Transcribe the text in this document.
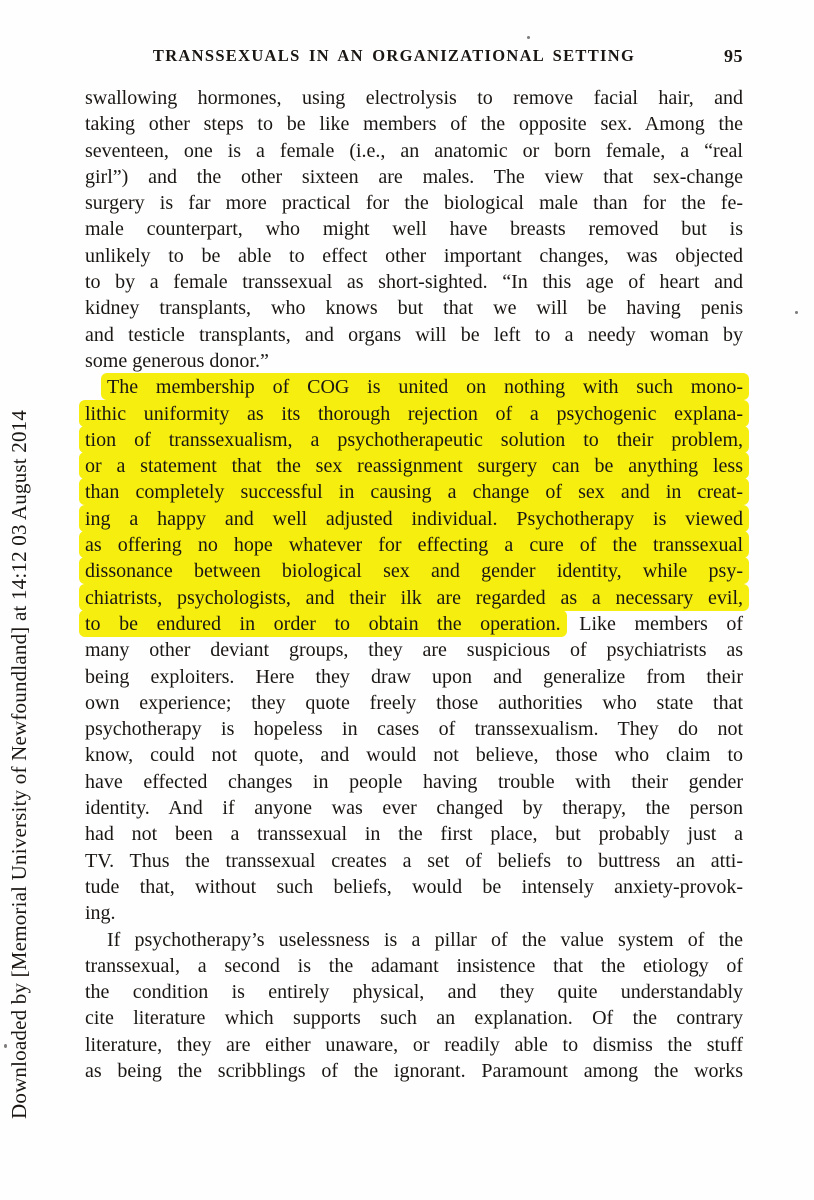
TRANSSEXUALS IN AN ORGANIZATIONAL SETTING	95
swallowing hormones, using electrolysis to remove facial hair, and
taking other steps to be like members of the opposite sex. Among the
seventeen, one is a female (i.e., an anatomic or born female, a “real
girl”) and the other sixteen are males. The view that sex-change
surgery is far more practical for the biological male than for the fe-
male counterpart, who might well have breasts removed but is
unlikely to be able to effect other important changes, was objected
to by a female transsexual as short-sighted. “In this age of heart and
kidney transplants, who knows but that we will be having penis
and testicle transplants, and organs will be left to a needy woman by
some generous donor.”
The membership of COG is united on nothing with such mono-
lithic uniformity as its thorough rejection of a psychogenic explana-
tion of transsexualism, a psychotherapeutic solution to their problem,
or a statement that the sex reassignment surgery can be anything less
than completely successful in causing a change of sex and in creat-
ing a happy and well adjusted individual. Psychotherapy is viewed
as offering no hope whatever for effecting a cure of the transsexual
dissonance between biological sex and gender identity, while psy-
chiatrists, psychologists, and their ilk are regarded as a necessary evil,
to be endured in order to obtain the operation. Like members of
many other deviant groups, they are suspicious of psychiatrists as
being exploiters. Here they draw upon and generalize from their
own experience; they quote freely those authorities who state that
psychotherapy is hopeless in cases of transsexualism. They do not
know, could not quote, and would not believe, those who claim to
have effected changes in people having trouble with their gender
identity. And if anyone was ever changed by therapy, the person
had not been a transsexual in the first place, but probably just a
TV. Thus the transsexual creates a set of beliefs to buttress an atti-
tude that, without such beliefs, would be intensely anxiety-provok-
ing.
If psychotherapy’s uselessness is a pillar of the value system of the
transsexual, a second is the adamant insistence that the etiology of
the condition is entirely physical, and they quite understandably
cite literature which supports such an explanation. Of the contrary
literature, they are either unaware, or readily able to dismiss the stuff
as being the scribblings of the ignorant. Paramount among the works
Downloaded by [Memorial University of Newfoundland] at 14:12 03 August 2014
